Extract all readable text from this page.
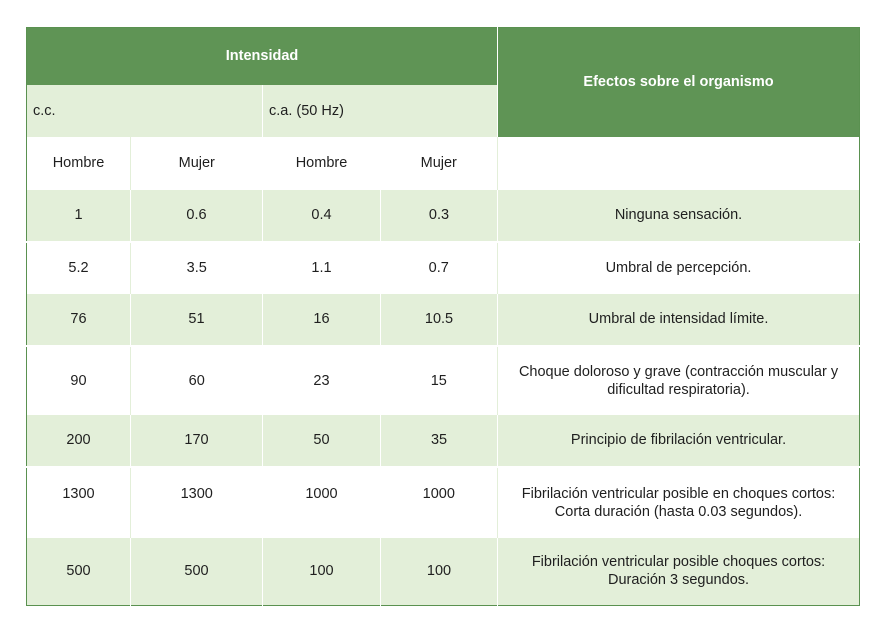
Intensidad				Efectos sobre el organismo
c.c.		c.a. (50 Hz)		
Hombre	Mujer	Hombre	Mujer	
1	0.6	0.4	0.3	Ninguna sensación.
5.2	3.5	1.1	0.7	Umbral de percepción.
76	51	16	10.5	Umbral de intensidad límite.
90	60	23	15	Choque doloroso y grave (contracción muscular y dificultad respiratoria).
200	170	50	35	Principio de fibrilación ventricular.
1300	1300	1000	1000	Fibrilación ventricular posible en choques cortos: Corta duración (hasta 0.03 segundos).
500	500	100	100	Fibrilación ventricular posible choques cortos: Duración 3 segundos.
